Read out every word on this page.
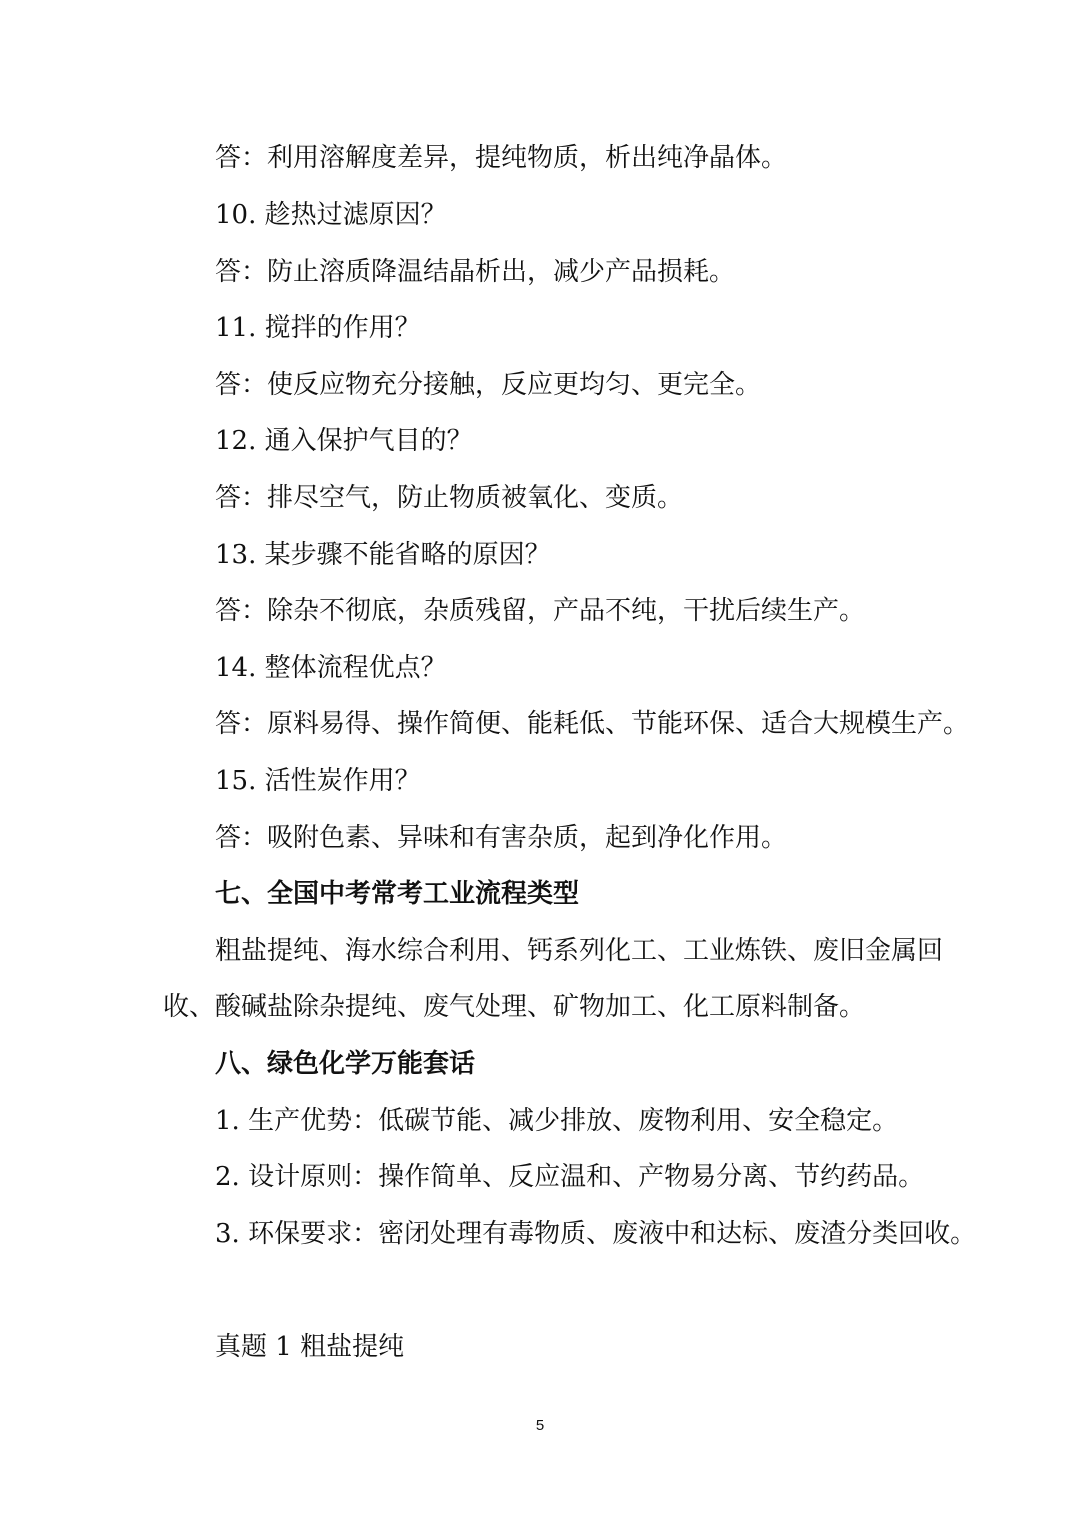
答：利用溶解度差异，提纯物质，析出纯净晶体。
10. 趁热过滤原因？
答：防止溶质降温结晶析出，减少产品损耗。
11. 搅拌的作用？
答：使反应物充分接触，反应更均匀、更完全。
12. 通入保护气目的？
答：排尽空气，防止物质被氧化、变质。
13. 某步骤不能省略的原因？
答：除杂不彻底，杂质残留，产品不纯，干扰后续生产。
14. 整体流程优点？
答：原料易得、操作简便、能耗低、节能环保、适合大规模生产。
15. 活性炭作用？
答：吸附色素、异味和有害杂质，起到净化作用。
七、全国中考常考工业流程类型
粗盐提纯、海水综合利用、钙系列化工、工业炼铁、废旧金属回
收、酸碱盐除杂提纯、废气处理、矿物加工、化工原料制备。
八、绿色化学万能套话
1. 生产优势：低碳节能、减少排放、废物利用、安全稳定。
2. 设计原则：操作简单、反应温和、产物易分离、节约药品。
3. 环保要求：密闭处理有毒物质、废液中和达标、废渣分类回收。
真题 1 粗盐提纯
5
